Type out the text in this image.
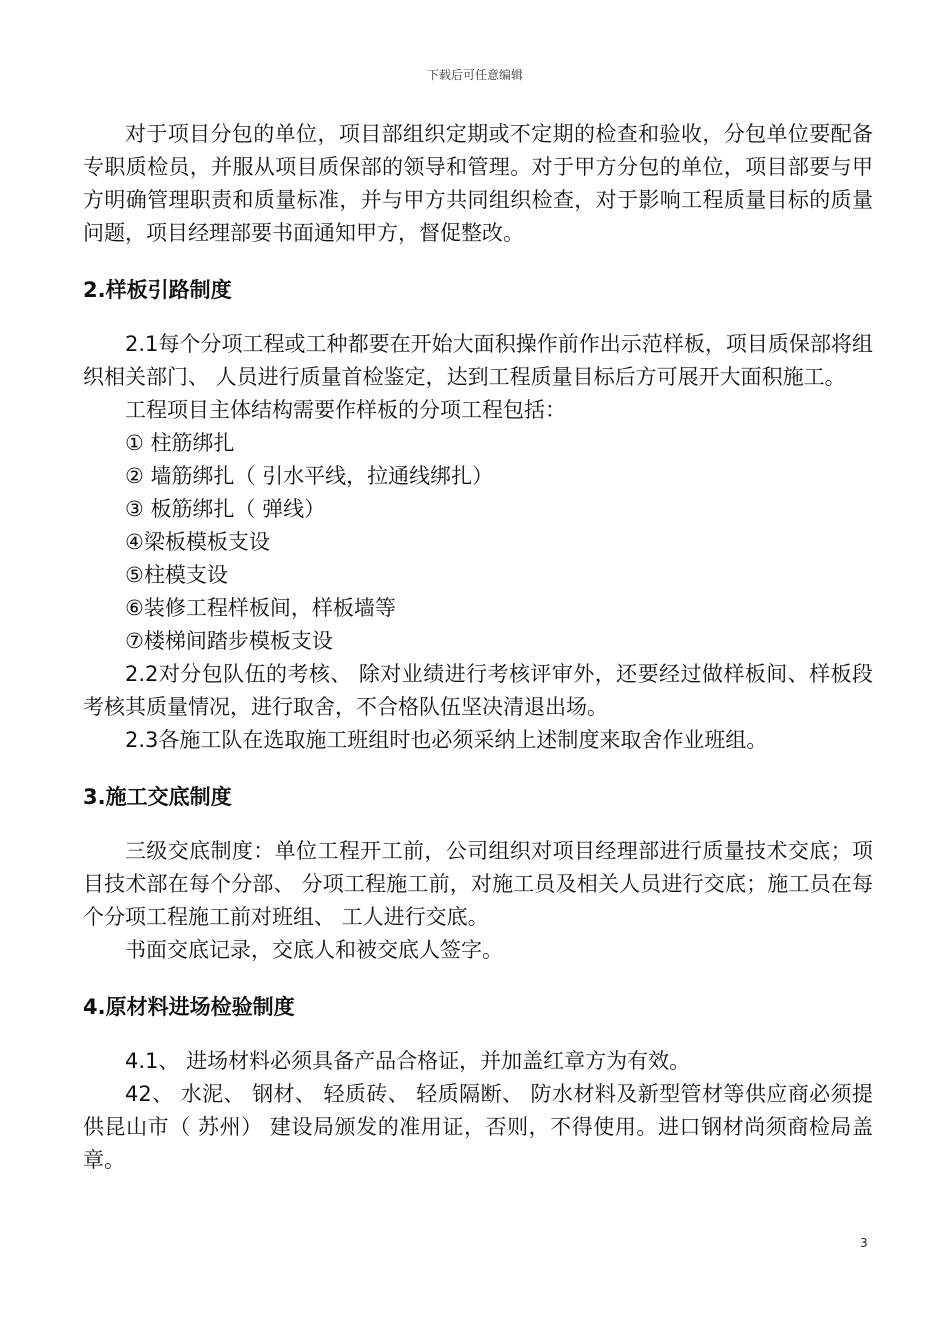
下载后可任意编辑

对于项目分包的单位，项目部组织定期或不定期的检查和验收，分包单位要配备专职质检员，并服从项目质保部的领导和管理。对于甲方分包的单位，项目部要与甲方明确管理职责和质量标准，并与甲方共同组织检查，对于影响工程质量目标的质量问题，项目经理部要书面通知甲方，督促整改。

2.样板引路制度

2.1每个分项工程或工种都要在开始大面积操作前作出示范样板，项目质保部将组织相关部门、 人员进行质量首检鉴定，达到工程质量目标后方可展开大面积施工。

工程项目主体结构需要作样板的分项工程包括：

① 柱筋绑扎

② 墙筋绑扎（ 引水平线，拉通线绑扎）

③ 板筋绑扎（ 弹线）

④梁板模板支设

⑤柱模支设

⑥装修工程样板间，样板墙等

⑦楼梯间踏步模板支设

2.2对分包队伍的考核、 除对业绩进行考核评审外，还要经过做样板间、样板段考核其质量情况，进行取舍，不合格队伍坚决清退出场。

2.3各施工队在选取施工班组时也必须采纳上述制度来取舍作业班组。

3.施工交底制度

三级交底制度：单位工程开工前，公司组织对项目经理部进行质量技术交底；项目技术部在每个分部、 分项工程施工前，对施工员及相关人员进行交底；施工员在每个分项工程施工前对班组、 工人进行交底。

书面交底记录，交底人和被交底人签字。

4.原材料进场检验制度

4.1、 进场材料必须具备产品合格证，并加盖红章方为有效。

42、 水泥、 钢材、 轻质砖、 轻质隔断、 防水材料及新型管材等供应商必须提供昆山市（ 苏州） 建设局颁发的准用证，否则，不得使用。进口钢材尚须商检局盖章。

3
